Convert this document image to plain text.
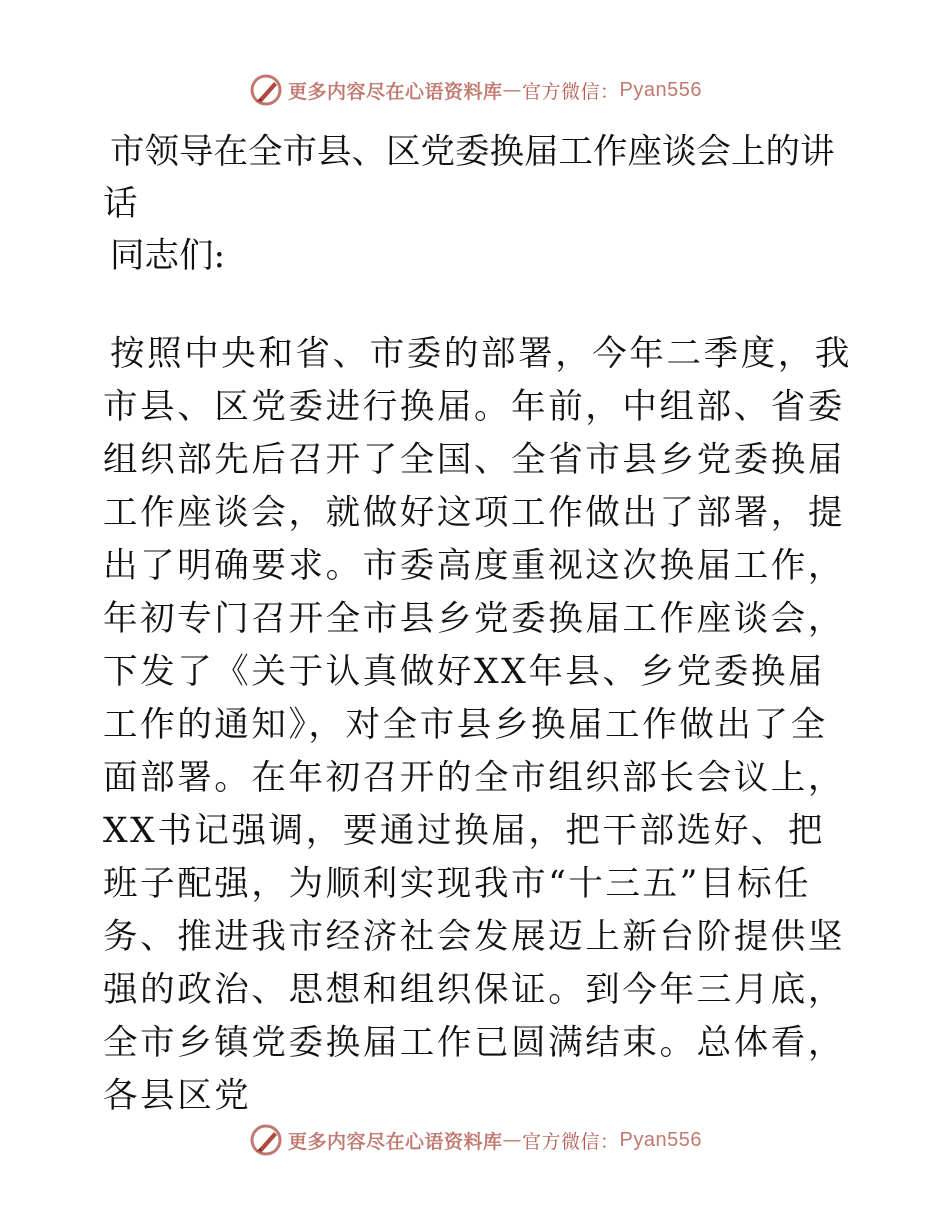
更多内容尽在心语资料库 — 官方微信： Pyan556
市领导在全市县、区党委换届工作座谈会上的讲话

同志们:

按照中央和省、市委的部署，今年二季度，我市县、区党委进行换届。年前，中组部、省委组织部先后召开了全国、全省市县乡党委换届工作座谈会，就做好这项工作做出了部署，提出了明确要求。市委高度重视这次换届工作，年初专门召开全市县乡党委换届工作座谈会，下发了《关于认真做好XX年县、乡党委换届工作的通知》，对全市县乡换届工作做出了全面部署。在年初召开的全市组织部长会议上，XX书记强调，要通过换届，把干部选好、把班子配强，为顺利实现我市“十三五”目标任务、推进我市经济社会发展迈上新台阶提供坚强的政治、思想和组织保证。到今年三月底，全市乡镇党委换届工作已圆满结束。总体看，各县区党

更多内容尽在心语资料库 — 官方微信： Pyan556
